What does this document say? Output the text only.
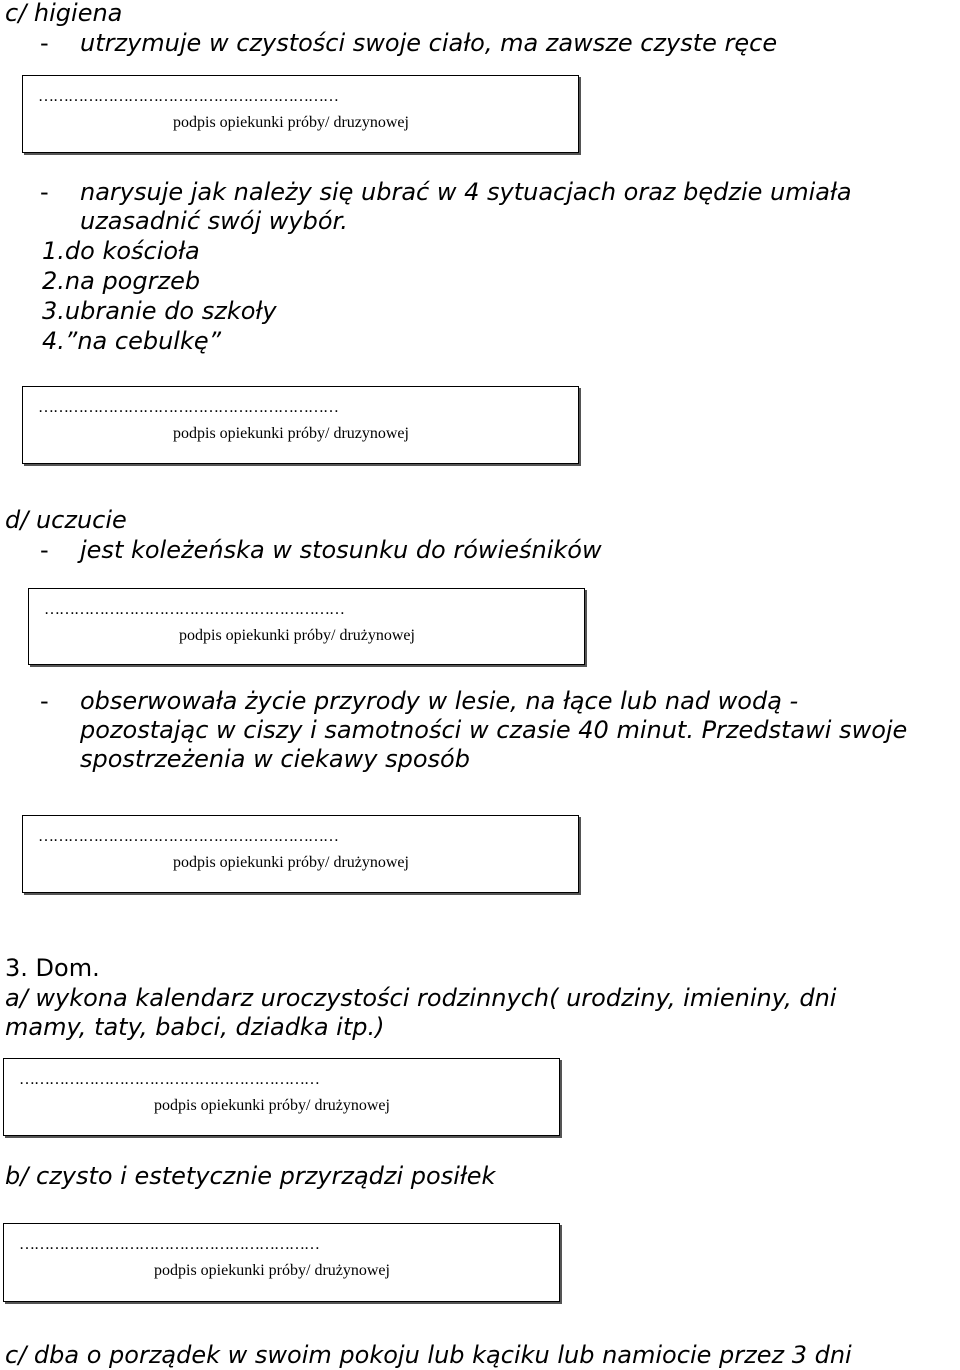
c/ higiena
- utrzymuje w czystości swoje ciało, ma zawsze czyste ręce
……………………………………………………
podpis opiekunki próby/ druzynowej
- narysuje jak należy się ubrać w 4 sytuacjach oraz będzie umiała
uzasadnić swój wybór.
1.do kościoła
2.na pogrzeb
3.ubranie do szkoły
4.”na cebulkę”
……………………………………………………
podpis opiekunki próby/ druzynowej
d/ uczucie
- jest koleżeńska w stosunku do rówieśników
……………………………………………………
podpis opiekunki próby/ drużynowej
- obserwowała życie przyrody w lesie, na łące lub nad wodą -
pozostając w ciszy i samotności w czasie 40 minut. Przedstawi swoje
spostrzeżenia w ciekawy sposób
……………………………………………………
podpis opiekunki próby/ drużynowej
3. Dom.
a/ wykona kalendarz uroczystości rodzinnych( urodziny, imieniny, dni
mamy, taty, babci, dziadka itp.)
……………………………………………………
podpis opiekunki próby/ drużynowej
b/ czysto i estetycznie przyrządzi posiłek
……………………………………………………
podpis opiekunki próby/ drużynowej
c/ dba o porządek w swoim pokoju lub kąciku lub namiocie przez 3 dni
